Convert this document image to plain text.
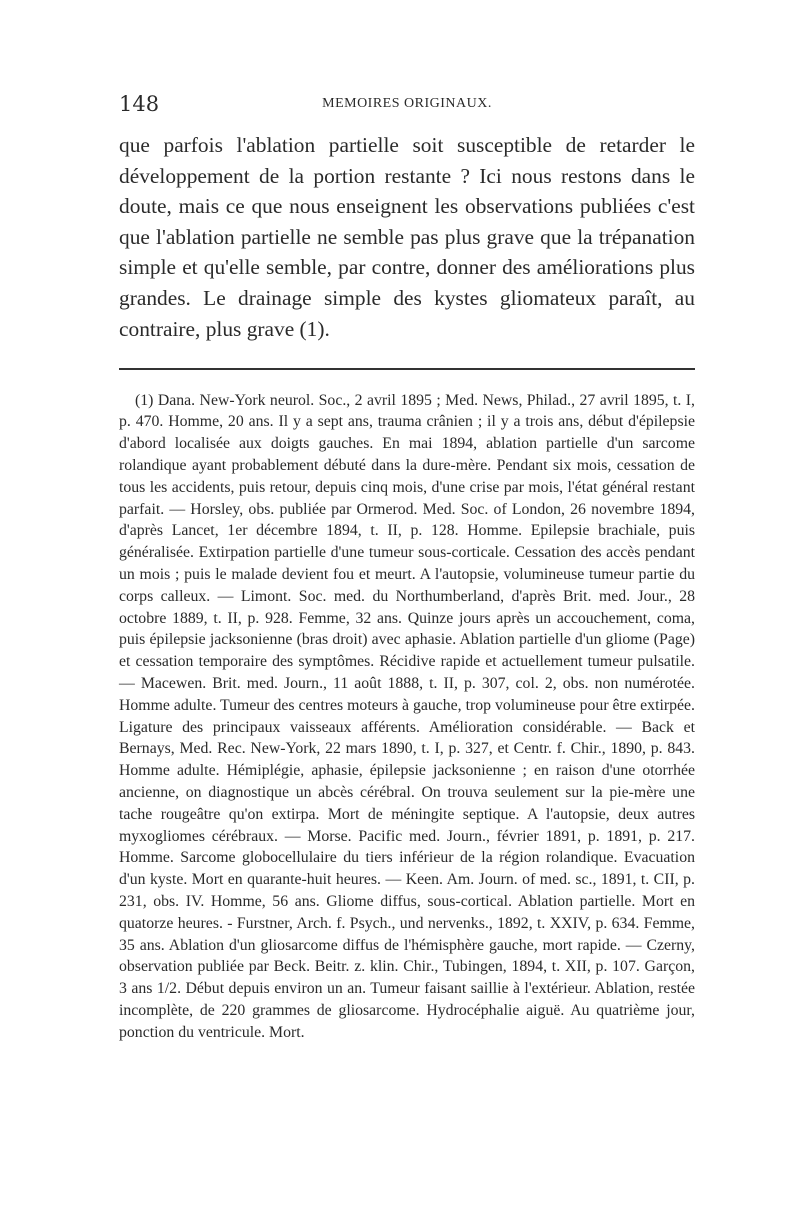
148	MEMOIRES ORIGINAUX.

que parfois l'ablation partielle soit susceptible de retarder le développement de la portion restante ? Ici nous restons dans le doute, mais ce que nous enseignent les observations publiées c'est que l'ablation partielle ne semble pas plus grave que la trépanation simple et qu'elle semble, par contre, donner des améliorations plus grandes. Le drainage simple des kystes gliomateux paraît, au contraire, plus grave (1).

(1) Dana. New-York neurol. Soc., 2 avril 1895 ; Med. News, Philad., 27 avril 1895, t. I, p. 470. Homme, 20 ans. Il y a sept ans, trauma crânien ; il y a trois ans, début d'épilepsie d'abord localisée aux doigts gauches. En mai 1894, ablation partielle d'un sarcome rolandique ayant probablement débuté dans la dure-mère. Pendant six mois, cessation de tous les accidents, puis retour, depuis cinq mois, d'une crise par mois, l'état général restant parfait. — Horsley, obs. publiée par Ormerod. Med. Soc. of London, 26 novembre 1894, d'après Lancet, 1er décembre 1894, t. II, p. 128. Homme. Epilepsie brachiale, puis généralisée. Extirpation partielle d'une tumeur sous-corticale. Cessation des accès pendant un mois ; puis le malade devient fou et meurt. A l'autopsie, volumineuse tumeur partie du corps calleux. — Limont. Soc. med. du Northumberland, d'après Brit. med. Jour., 28 octobre 1889, t. II, p. 928. Femme, 32 ans. Quinze jours après un accouchement, coma, puis épilepsie jacksonienne (bras droit) avec aphasie. Ablation partielle d'un gliome (Page) et cessation temporaire des symptômes. Récidive rapide et actuellement tumeur pulsatile. — Macewen. Brit. med. Journ., 11 août 1888, t. II, p. 307, col. 2, obs. non numérotée. Homme adulte. Tumeur des centres moteurs à gauche, trop volumineuse pour être extirpée. Ligature des principaux vaisseaux afférents. Amélioration considérable. — Back et Bernays, Med. Rec. New-York, 22 mars 1890, t. I, p. 327, et Centr. f. Chir., 1890, p. 843. Homme adulte. Hémiplégie, aphasie, épilepsie jacksonienne ; en raison d'une otorrhée ancienne, on diagnostique un abcès cérébral. On trouva seulement sur la pie-mère une tache rougeâtre qu'on extirpa. Mort de méningite septique. A l'autopsie, deux autres myxogliomes cérébraux. — Morse. Pacific med. Journ., février 1891, p. 1891, p. 217. Homme. Sarcome globocellulaire du tiers inférieur de la région rolandique. Evacuation d'un kyste. Mort en quarante-huit heures. — Keen. Am. Journ. of med. sc., 1891, t. CII, p. 231, obs. IV. Homme, 56 ans. Gliome diffus, sous-cortical. Ablation partielle. Mort en quatorze heures. - Furstner, Arch. f. Psych., und nervenks., 1892, t. XXIV, p. 634. Femme, 35 ans. Ablation d'un gliosarcome diffus de l'hémisphère gauche, mort rapide. — Czerny, observation publiée par Beck. Beitr. z. klin. Chir., Tubingen, 1894, t. XII, p. 107. Garçon, 3 ans 1/2. Début depuis environ un an. Tumeur faisant saillie à l'extérieur. Ablation, restée incomplète, de 220 grammes de gliosarcome. Hydrocéphalie aiguë. Au quatrième jour, ponction du ventricule. Mort.
